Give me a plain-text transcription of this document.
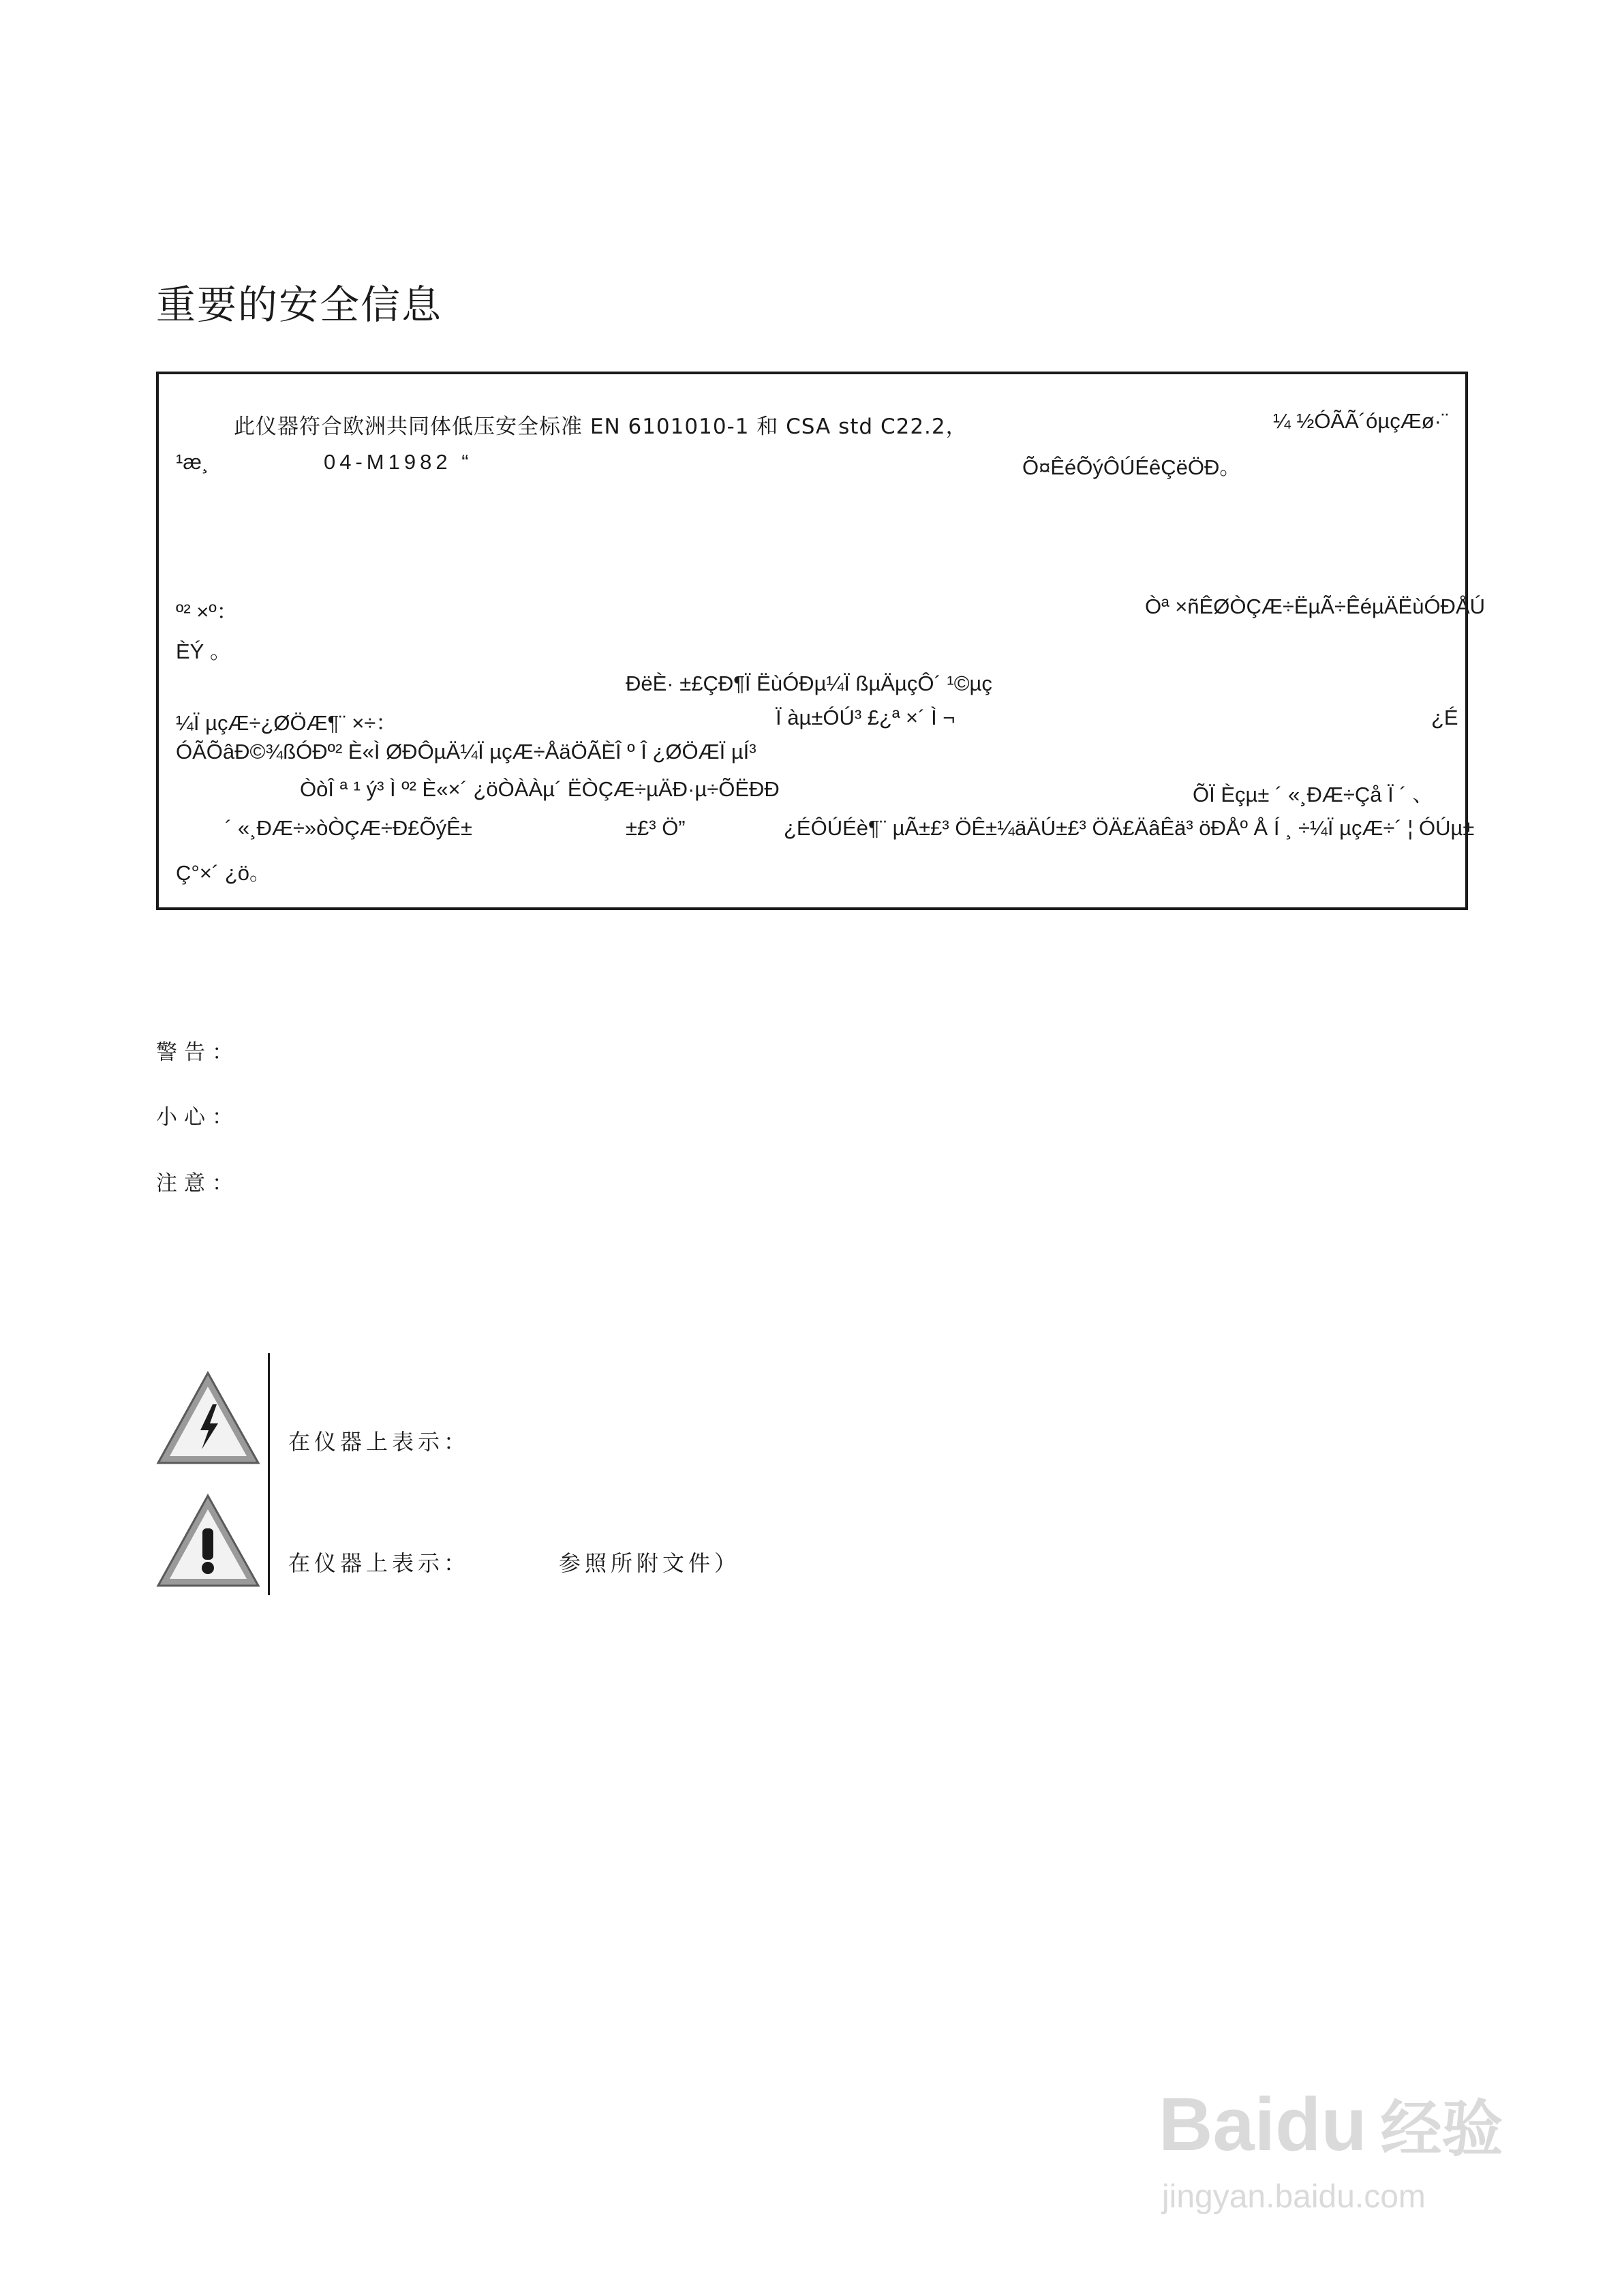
重要的安全信息
此仪器符合欧洲共同体低压安全标准 EN 6101010-1 和 CSA std C22.2，	¼ ½ÓÃÃ´óµçÆø·¨
¹æ¸	04-M1982 “	Õ¤ÊéÕýÔÚÉêÇëÖÐ。
º² ×º：	Òª ×ñÊØÒÇÆ÷ËµÃ÷ÊéµÄËùÓÐÅÚ
ÈÝ 。
ÐëÈ· ±£ÇÐ¶Ï ËùÓÐµ¼Ï ßµÄµçÔ´ ¹©µç
¼Ï µçÆ÷¿ØÖÆ¶¨ ×÷：	Ï àµ±ÓÚ³ £¿ª ×´ Ì ¬	¿É
ÓÃÕâÐ©¾ßÓÐº² È«Ì ØÐÔµÄ¼Ï µçÆ÷ÅäÖÃÈÎ º Î ¿ØÖÆÏ µÍ³
ÒòÎ ª ¹ ý³ Ì º² È«×´ ¿öÒÀÀµ´ ËÒÇÆ÷µÄÐ·µ÷ÕËÐÐ	ÕÏ Èçµ± ´ «¸ÐÆ÷Çå Ï ´ 、
´ «¸ÐÆ÷»òÒÇÆ÷Ð£ÕýÊ±	±£³ Ö”	¿ÉÔÚÉè¶¨ µÃ±£³ ÖÊ±¼äÄÚ±£³ ÖÄ£ÄâÊä³ öÐÅº Å Í ¸ ÷¼Ï µçÆ÷´ ¦ ÓÚµ±
Ç°×´ ¿ö。
警告：
小心：
注意：
在仪器上表示：
在仪器上表示：	参照所附文件）
Baidu 经验
jingyan.baidu.com
